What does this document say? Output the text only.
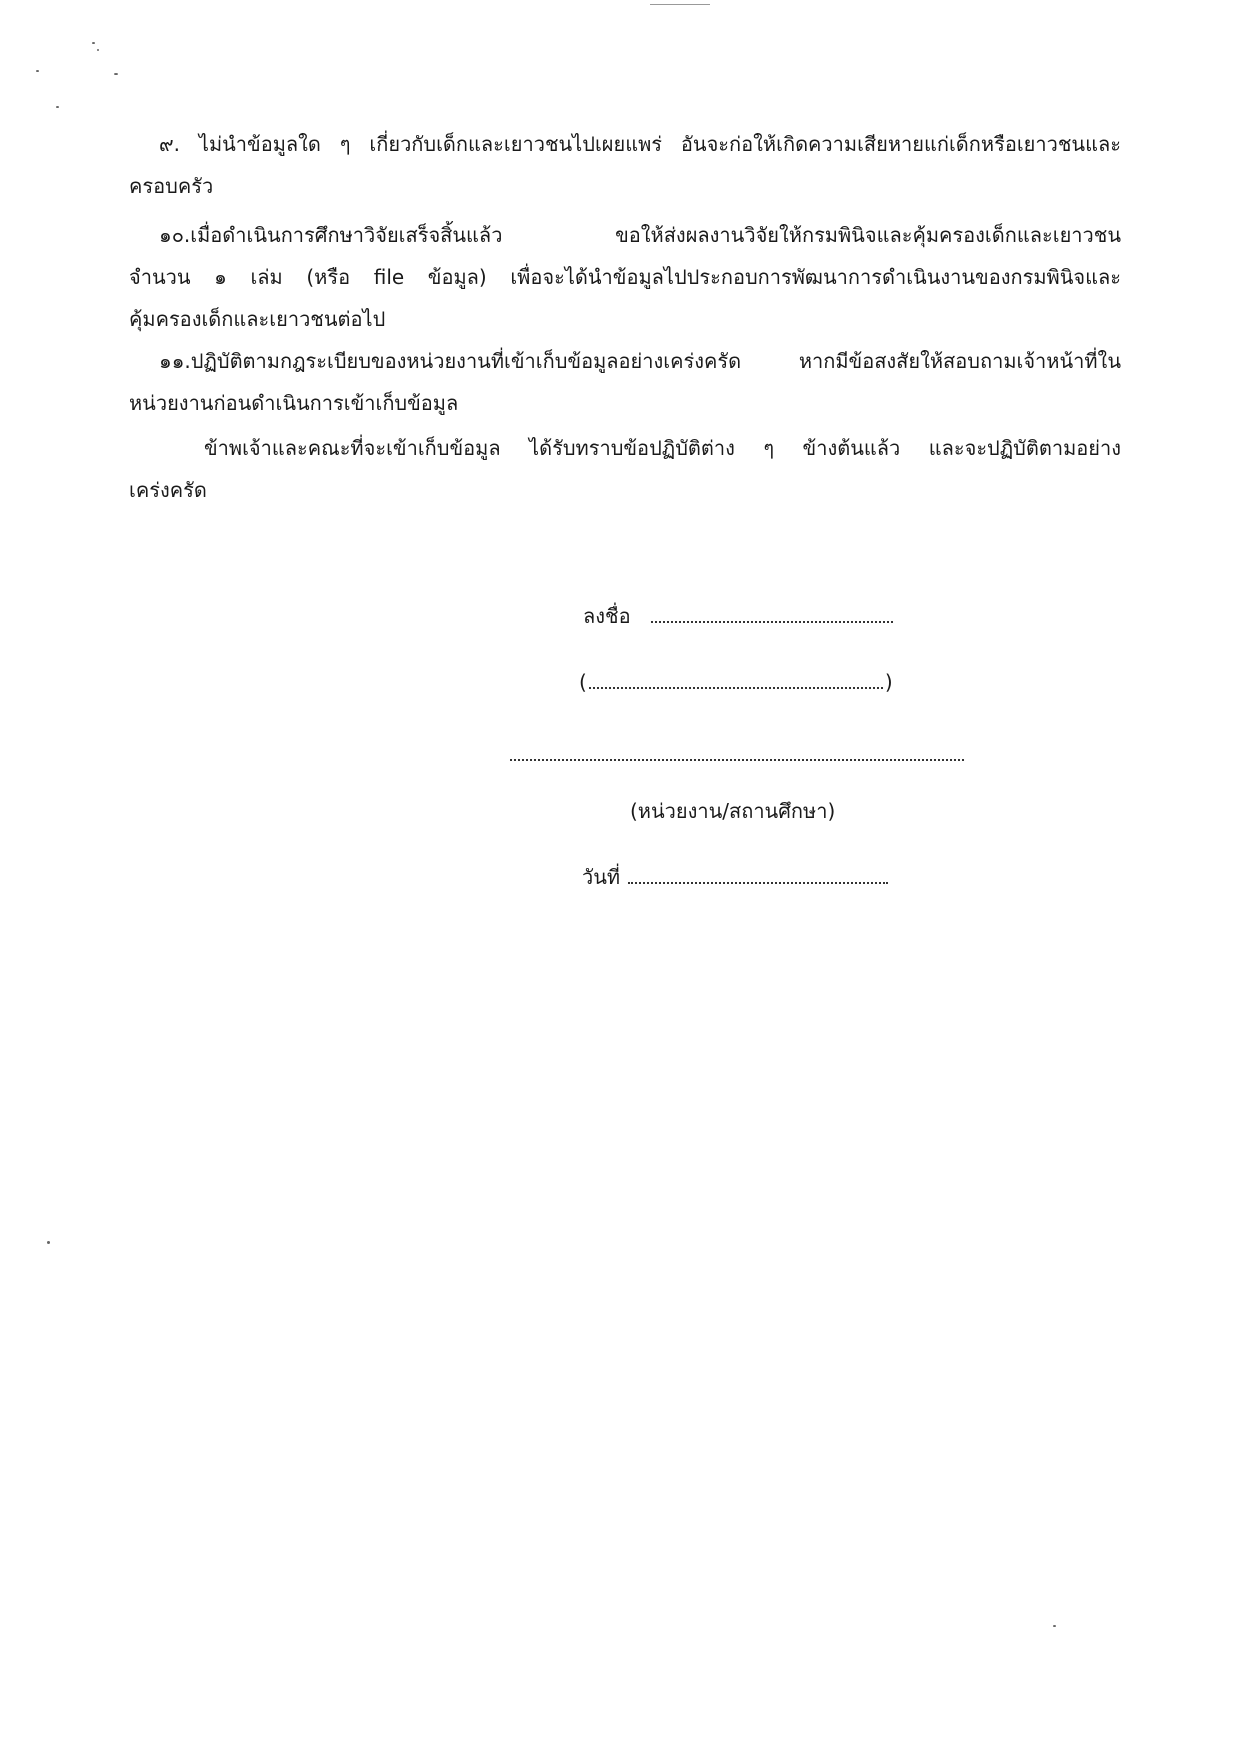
๙. ไม่นำข้อมูลใด ๆ เกี่ยวกับเด็กและเยาวชนไปเผยแพร่ อันจะก่อให้เกิดความเสียหายแก่เด็กหรือเยาวชนและ
ครอบครัว
๑๐.เมื่อดำเนินการศึกษาวิจัยเสร็จสิ้นแล้ว ขอให้ส่งผลงานวิจัยให้กรมพินิจและคุ้มครองเด็กและเยาวชน
จำนวน ๑ เล่ม (หรือ file ข้อมูล) เพื่อจะได้นำข้อมูลไปประกอบการพัฒนาการดำเนินงานของกรมพินิจและ
คุ้มครองเด็กและเยาวชนต่อไป
๑๑.ปฏิบัติตามกฎระเบียบของหน่วยงานที่เข้าเก็บข้อมูลอย่างเคร่งครัด หากมีข้อสงสัยให้สอบถามเจ้าหน้าที่ใน
หน่วยงานก่อนดำเนินการเข้าเก็บข้อมูล
ข้าพเจ้าและคณะที่จะเข้าเก็บข้อมูล ได้รับทราบข้อปฏิบัติต่าง ๆ ข้างต้นแล้ว และจะปฏิบัติตามอย่าง
เคร่งครัด
ลงชื่อ
(	)
(หน่วยงาน/สถานศึกษา)
วันที่
